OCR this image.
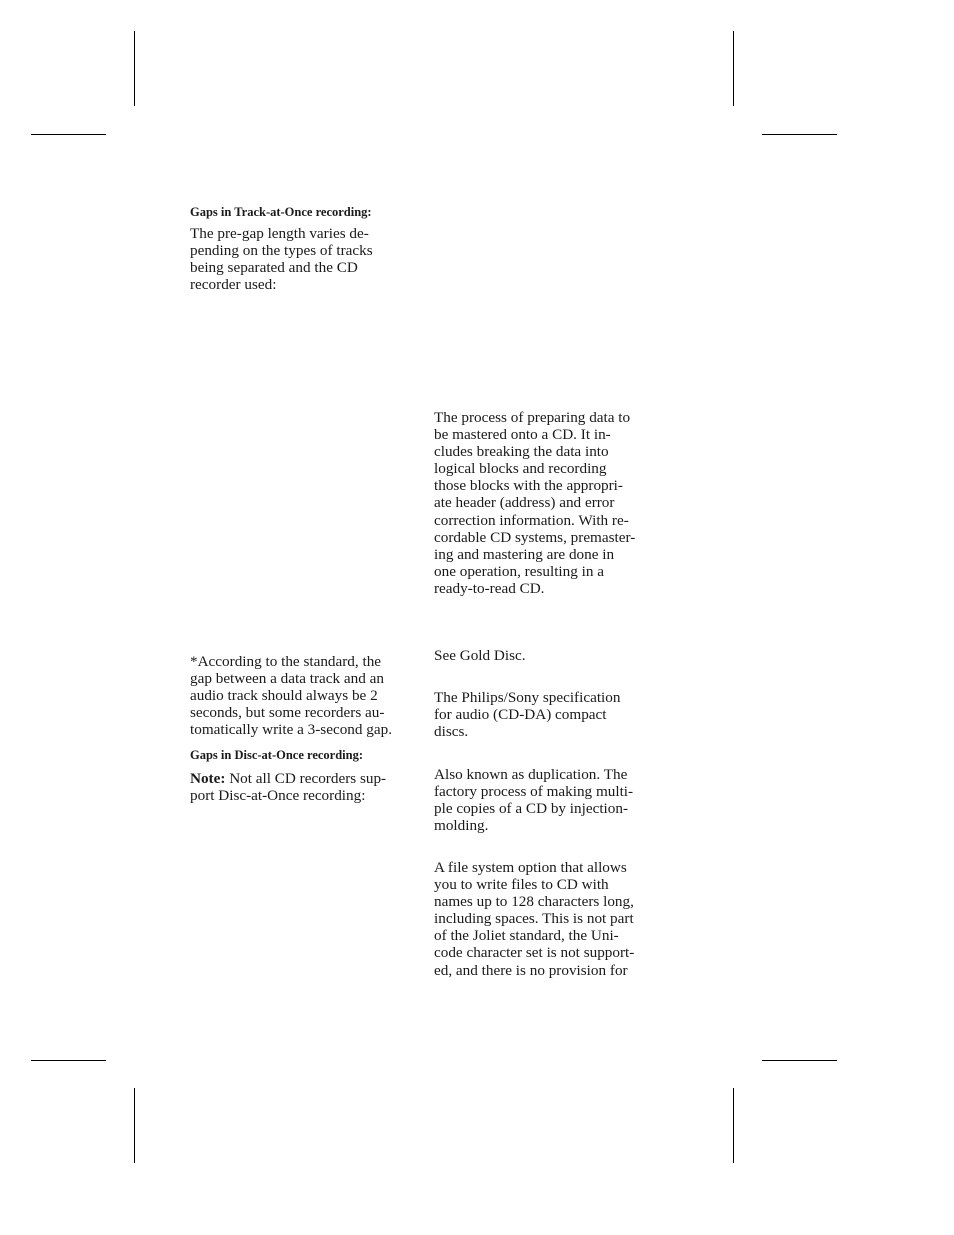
Gaps in Track-at-Once recording:

The pre-gap length varies de-
pending on the types of tracks
being separated and the CD
recorder used:

*According to the standard, the
gap between a data track and an
audio track should always be 2
seconds, but some recorders au-
tomatically write a 3-second gap.

Gaps in Disc-at-Once recording:

Note: Not all CD recorders sup-
port Disc-at-Once recording:

The process of preparing data to
be mastered onto a CD. It in-
cludes breaking the data into
logical blocks and recording
those blocks with the appropri-
ate header (address) and error
correction information. With re-
cordable CD systems, premaster-
ing and mastering are done in
one operation, resulting in a
ready-to-read CD.

See Gold Disc.

The Philips/Sony specification
for audio (CD-DA) compact
discs.

Also known as duplication. The
factory process of making multi-
ple copies of a CD by injection-
molding.

A file system option that allows
you to write files to CD with
names up to 128 characters long,
including spaces. This is not part
of the Joliet standard, the Uni-
code character set is not support-
ed, and there is no provision for
